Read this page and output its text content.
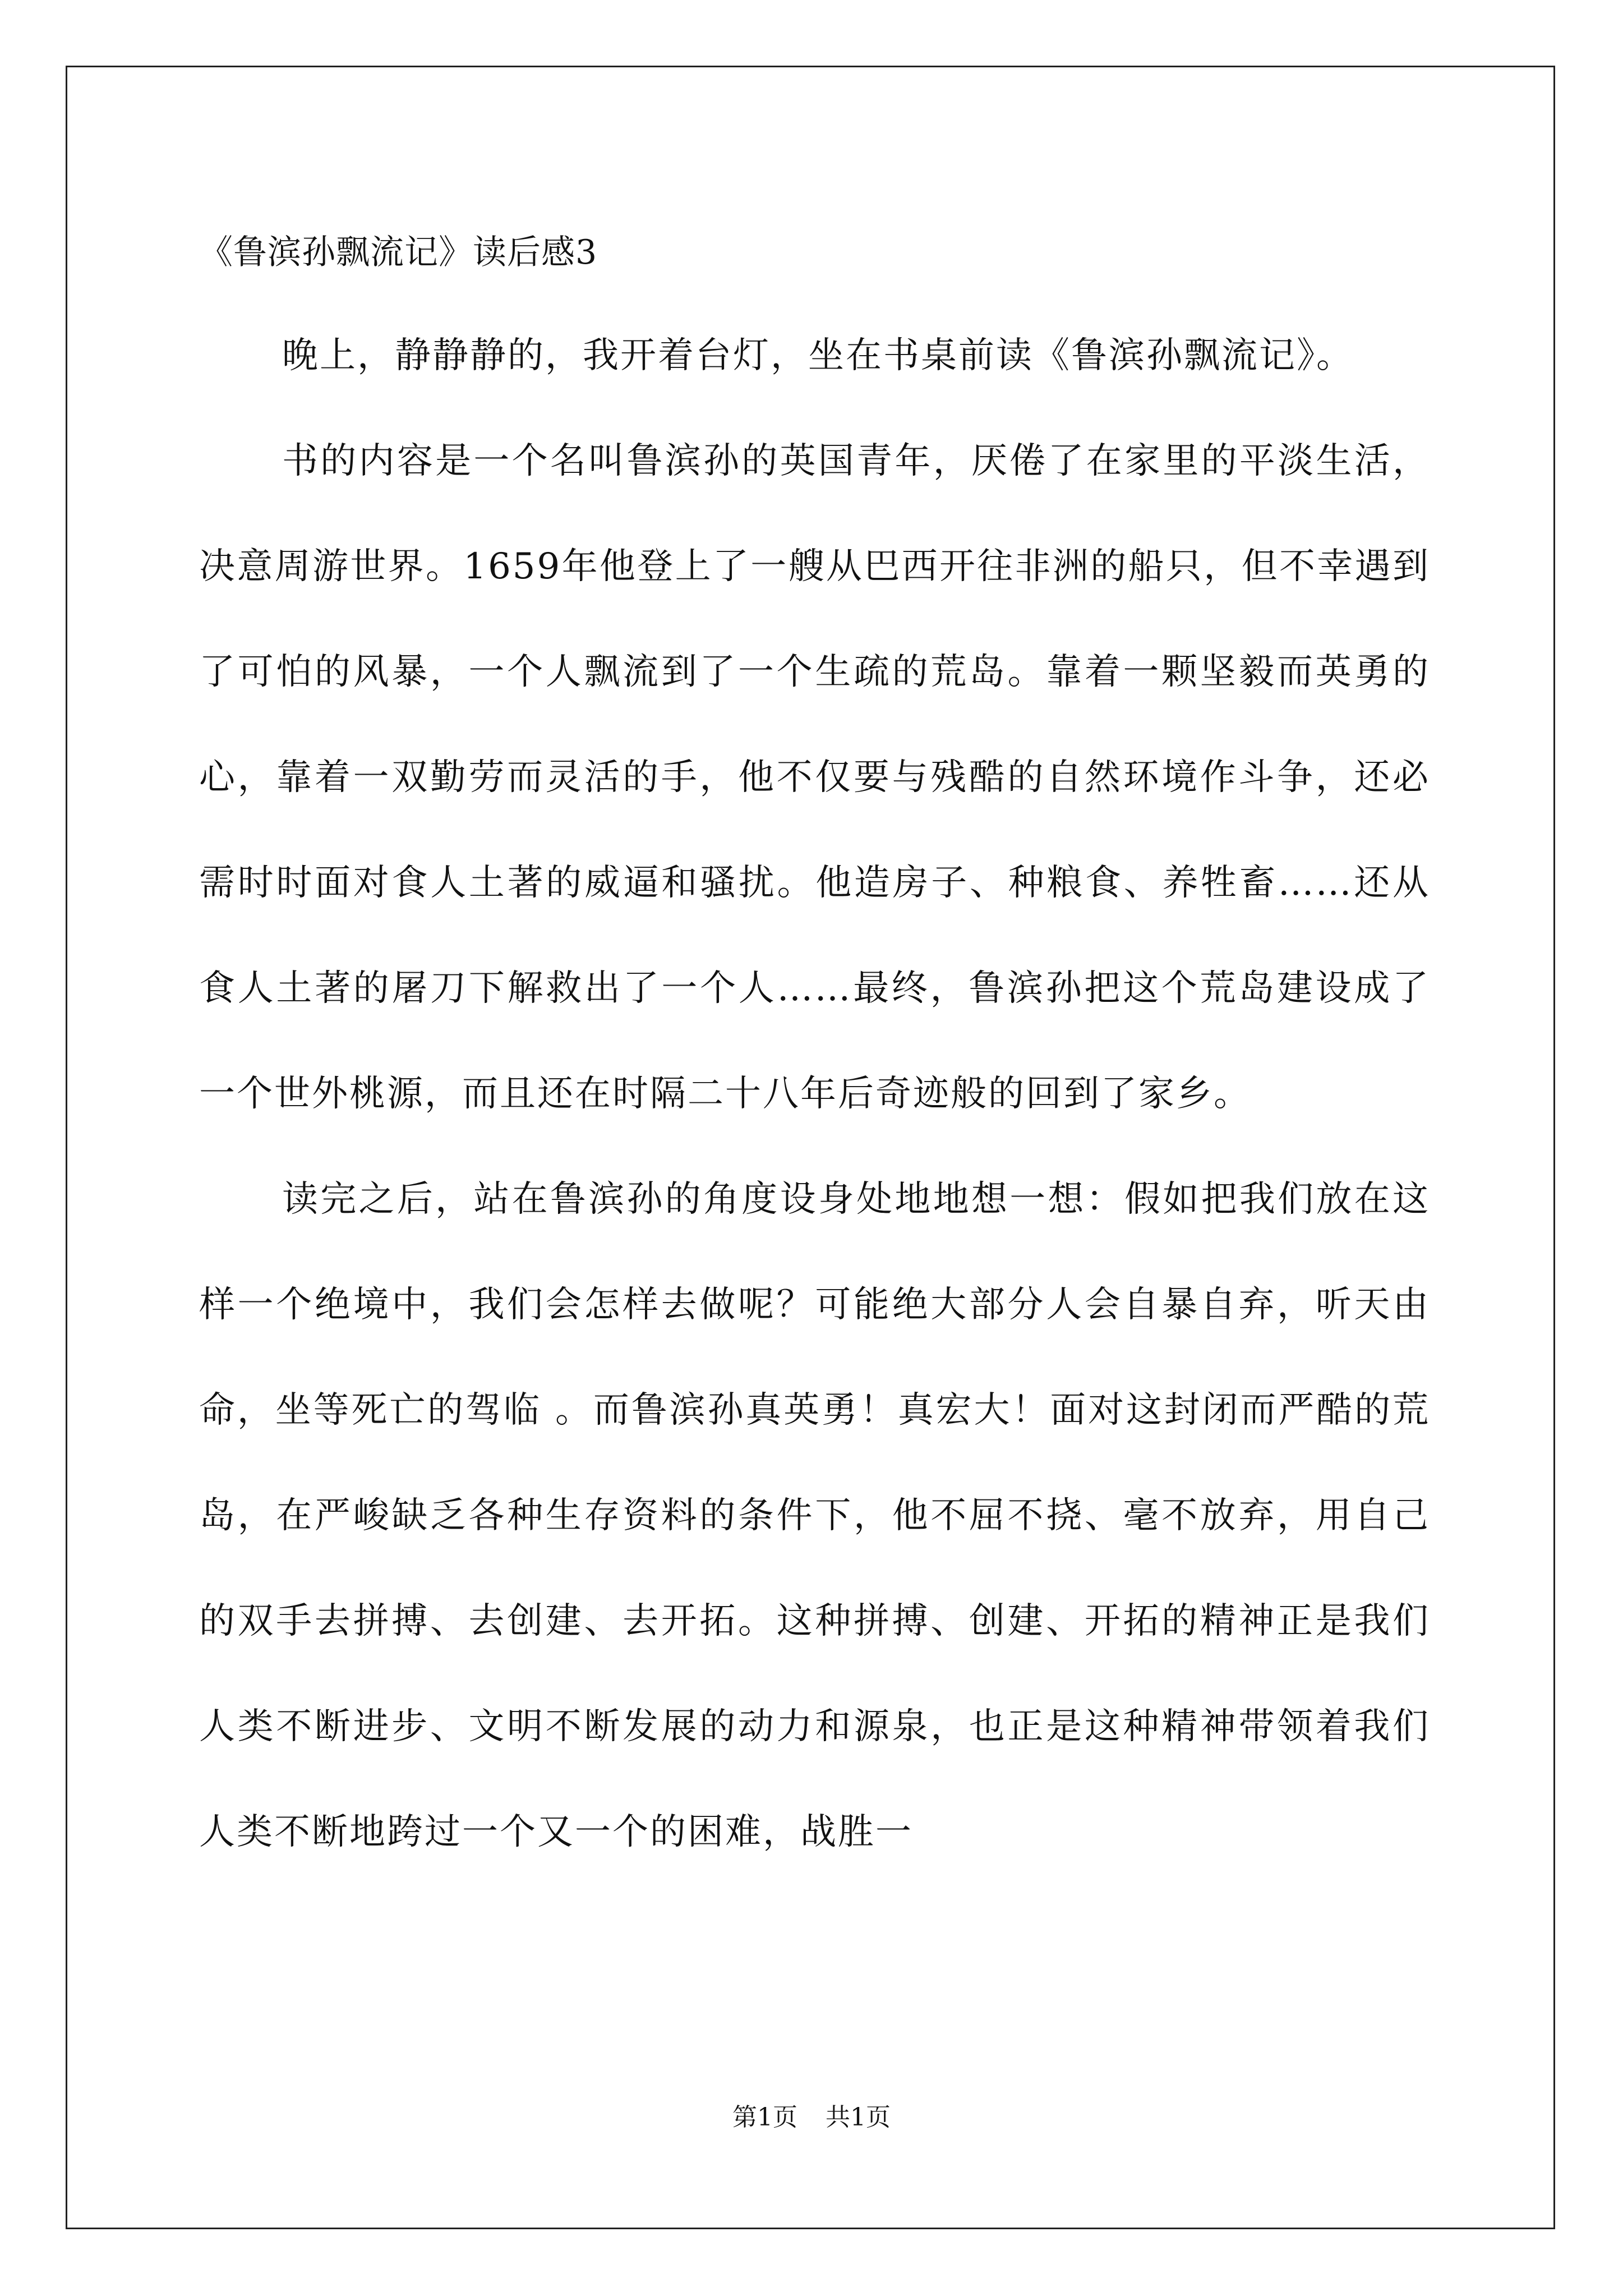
《鲁滨孙飘流记》读后感3

晚上，静静静的，我开着台灯，坐在书桌前读《鲁滨孙飘流记》。

书的内容是一个名叫鲁滨孙的英国青年，厌倦了在家里的平淡生活，决意周游世界。1659年他登上了一艘从巴西开往非洲的船只，但不幸遇到了可怕的风暴，一个人飘流到了一个生疏的荒岛。靠着一颗坚毅而英勇的心，靠着一双勤劳而灵活的手，他不仅要与残酷的自然环境作斗争，还必需时时面对食人土著的威逼和骚扰。他造房子、种粮食、养牲畜……还从食人土著的屠刀下解救出了一个人……最终，鲁滨孙把这个荒岛建设成了一个世外桃源，而且还在时隔二十八年后奇迹般的回到了家乡。

读完之后，站在鲁滨孙的角度设身处地地想一想：假如把我们放在这样一个绝境中，我们会怎样去做呢？可能绝大部分人会自暴自弃，听天由命，坐等死亡的驾临 。而鲁滨孙真英勇！真宏大！面对这封闭而严酷的荒岛，在严峻缺乏各种生存资料的条件下，他不屈不挠、毫不放弃，用自己的双手去拼搏、去创建、去开拓。这种拼搏、创建、开拓的精神正是我们人类不断进步、文明不断发展的动力和源泉，也正是这种精神带领着我们人类不断地跨过一个又一个的困难，战胜一

第1页 共1页
